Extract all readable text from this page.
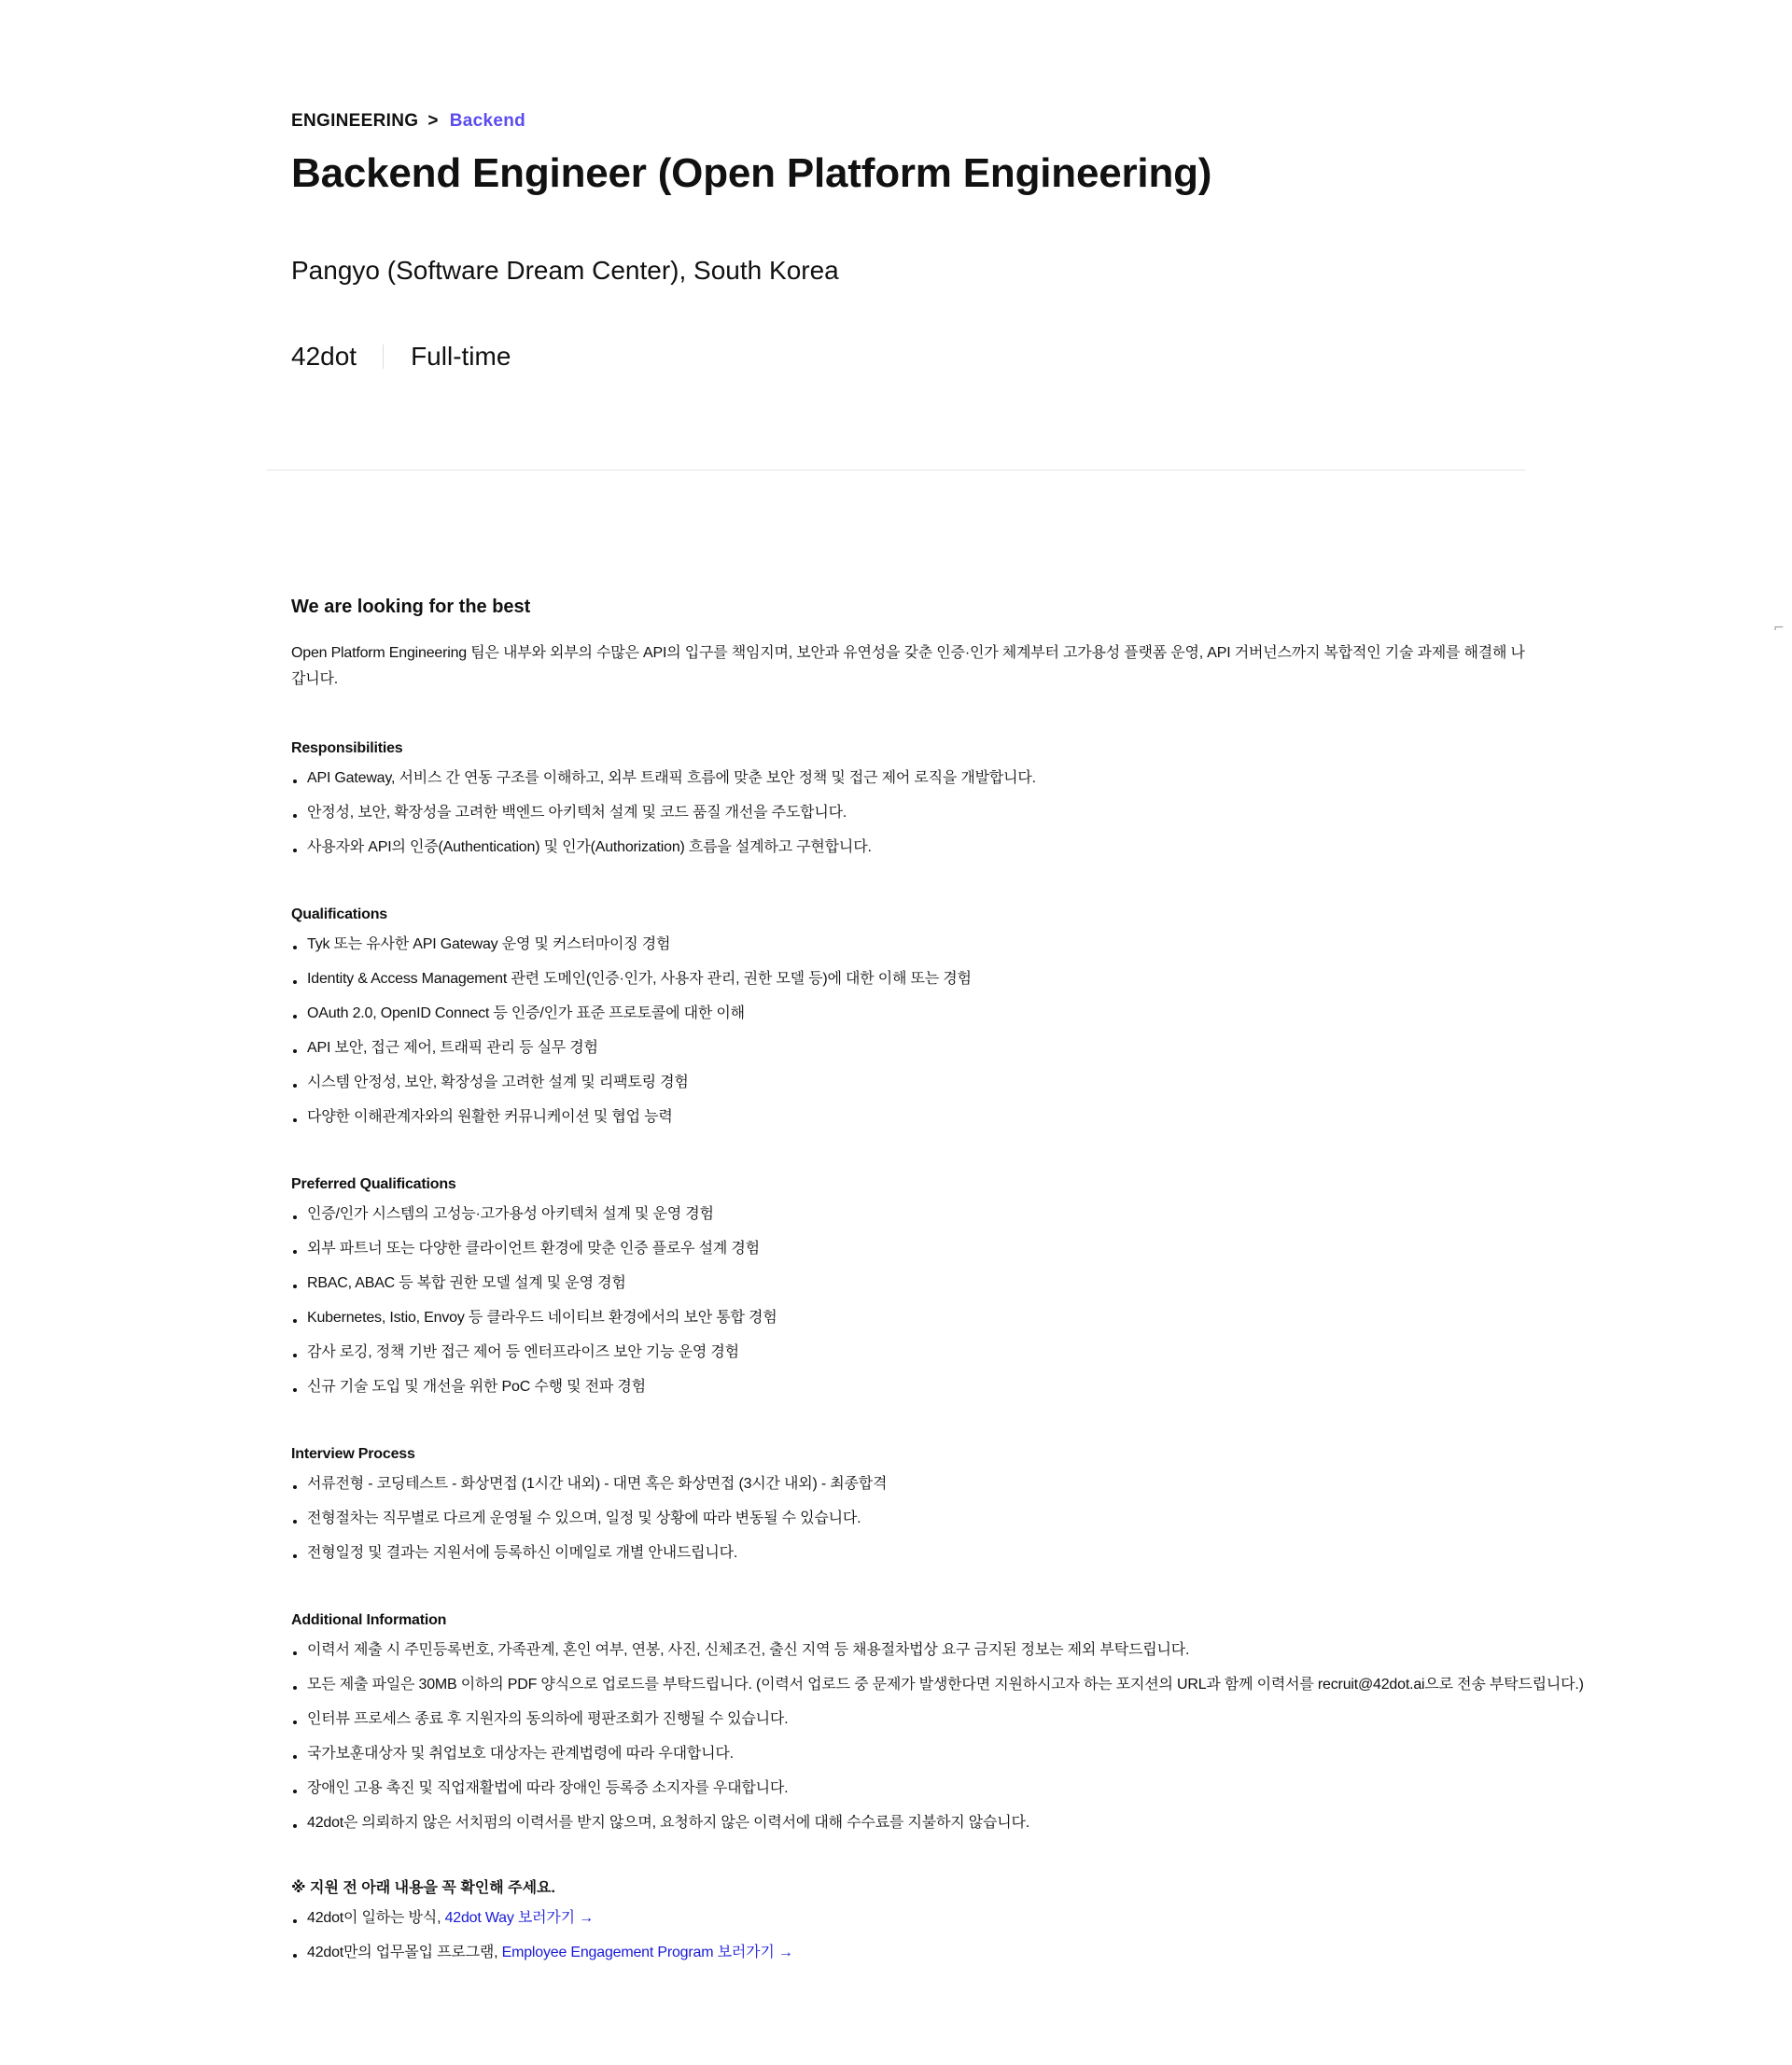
ENGINEERING > Backend
Backend Engineer (Open Platform Engineering)
Pangyo (Software Dream Center), South Korea
42dot Full-time
We are looking for the best
Open Platform Engineering 팀은 내부와 외부의 수많은 API의 입구를 책임지며, 보안과 유연성을 갖춘 인증·인가 체계부터 고가용성 플랫폼 운영, API 거버넌스까지 복합적인 기술 과제를 해결해 나갑니다.
Responsibilities
API Gateway, 서비스 간 연동 구조를 이해하고, 외부 트래픽 흐름에 맞춘 보안 정책 및 접근 제어 로직을 개발합니다.
안정성, 보안, 확장성을 고려한 백엔드 아키텍처 설계 및 코드 품질 개선을 주도합니다.
사용자와 API의 인증(Authentication) 및 인가(Authorization) 흐름을 설계하고 구현합니다.
Qualifications
Tyk 또는 유사한 API Gateway 운영 및 커스터마이징 경험
Identity & Access Management 관련 도메인(인증·인가, 사용자 관리, 권한 모델 등)에 대한 이해 또는 경험
OAuth 2.0, OpenID Connect 등 인증/인가 표준 프로토콜에 대한 이해
API 보안, 접근 제어, 트래픽 관리 등 실무 경험
시스템 안정성, 보안, 확장성을 고려한 설계 및 리팩토링 경험
다양한 이해관계자와의 원활한 커뮤니케이션 및 협업 능력
Preferred Qualifications
인증/인가 시스템의 고성능·고가용성 아키텍처 설계 및 운영 경험
외부 파트너 또는 다양한 클라이언트 환경에 맞춘 인증 플로우 설계 경험
RBAC, ABAC 등 복합 권한 모델 설계 및 운영 경험
Kubernetes, Istio, Envoy 등 클라우드 네이티브 환경에서의 보안 통합 경험
감사 로깅, 정책 기반 접근 제어 등 엔터프라이즈 보안 기능 운영 경험
신규 기술 도입 및 개선을 위한 PoC 수행 및 전파 경험
Interview Process
서류전형 - 코딩테스트 - 화상면접 (1시간 내외) - 대면 혹은 화상면접 (3시간 내외) - 최종합격
전형절차는 직무별로 다르게 운영될 수 있으며, 일정 및 상황에 따라 변동될 수 있습니다.
전형일정 및 결과는 지원서에 등록하신 이메일로 개별 안내드립니다.
Additional Information
이력서 제출 시 주민등록번호, 가족관계, 혼인 여부, 연봉, 사진, 신체조건, 출신 지역 등 채용절차법상 요구 금지된 정보는 제외 부탁드립니다.
모든 제출 파일은 30MB 이하의 PDF 양식으로 업로드를 부탁드립니다. (이력서 업로드 중 문제가 발생한다면 지원하시고자 하는 포지션의 URL과 함께 이력서를 recruit@42dot.ai으로 전송 부탁드립니다.)
인터뷰 프로세스 종료 후 지원자의 동의하에 평판조회가 진행될 수 있습니다.
국가보훈대상자 및 취업보호 대상자는 관계법령에 따라 우대합니다.
장애인 고용 촉진 및 직업재활법에 따라 장애인 등록증 소지자를 우대합니다.
42dot은 의뢰하지 않은 서치펌의 이력서를 받지 않으며, 요청하지 않은 이력서에 대해 수수료를 지불하지 않습니다.
※ 지원 전 아래 내용을 꼭 확인해 주세요.
42dot이 일하는 방식, 42dot Way 보러가기 →
42dot만의 업무몰입 프로그램, Employee Engagement Program 보러가기 →
⌐
